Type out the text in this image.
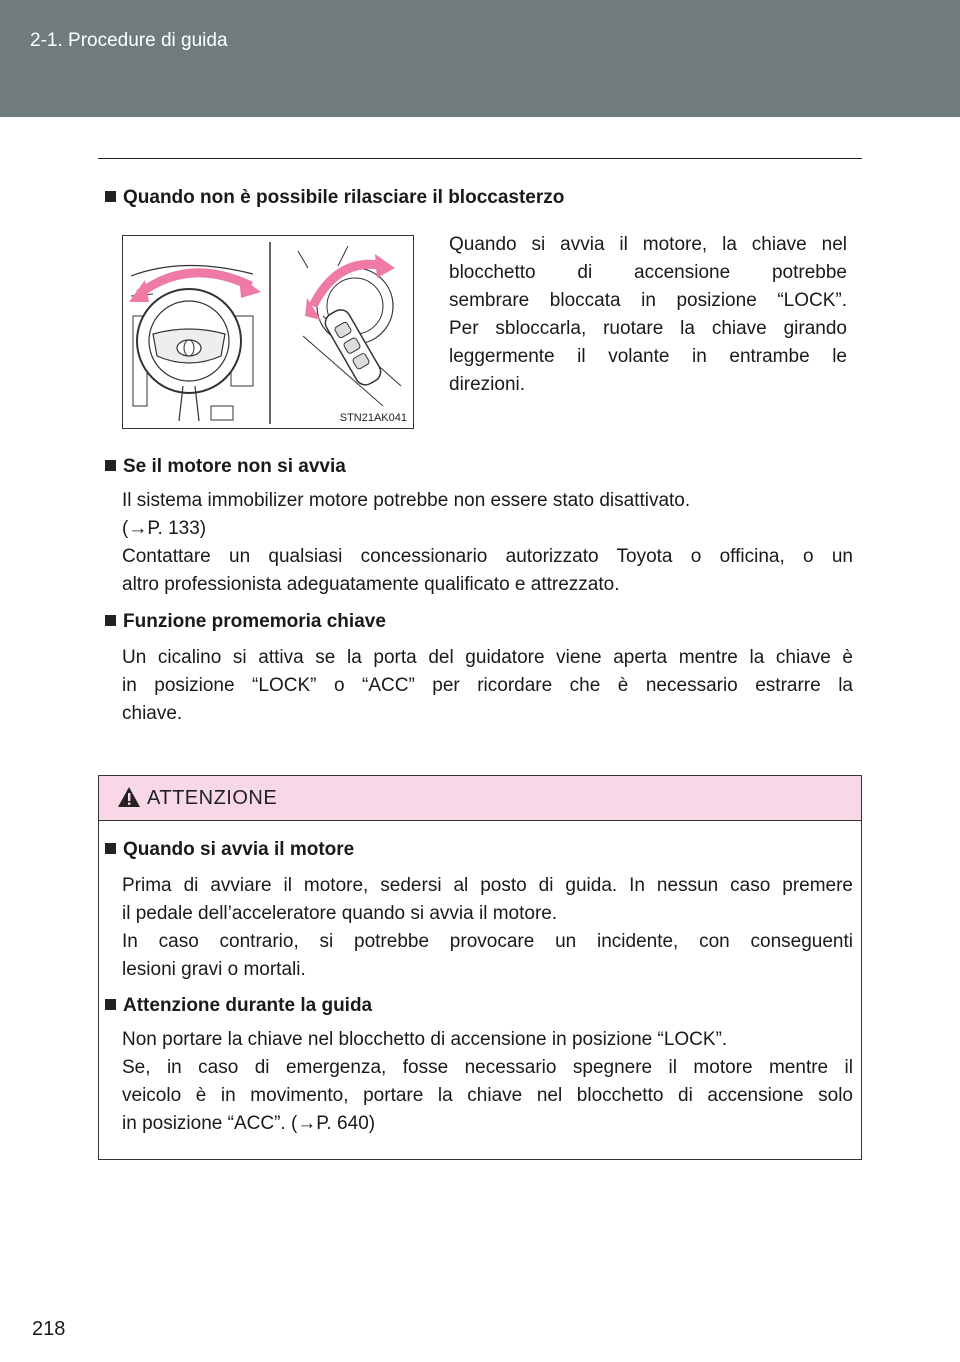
2-1. Procedure di guida
Quando non è possibile rilasciare il bloccasterzo
STN21AK041

Quando si avvia il motore, la chiave nel

blocchetto di accensione potrebbe

sembrare bloccata in posizione “LOCK”.

Per sbloccarla, ruotare la chiave girando

leggermente il volante in entrambe le

direzioni.

Se il motore non si avvia

Il sistema immobilizer motore potrebbe non essere stato disattivato.

(→P. 133)

Contattare un qualsiasi concessionario autorizzato Toyota o officina, o un

altro professionista adeguatamente qualificato e attrezzato.

Funzione promemoria chiave

Un cicalino si attiva se la porta del guidatore viene aperta mentre la chiave è

in posizione “LOCK” o “ACC” per ricordare che è necessario estrarre la

chiave.

ATTENZIONE
Quando si avvia il motore

Prima di avviare il motore, sedersi al posto di guida. In nessun caso premere

il pedale dell’acceleratore quando si avvia il motore.

In caso contrario, si potrebbe provocare un incidente, con conseguenti

lesioni gravi o mortali.

Attenzione durante la guida

Non portare la chiave nel blocchetto di accensione in posizione “LOCK”.

Se, in caso di emergenza, fosse necessario spegnere il motore mentre il

veicolo è in movimento, portare la chiave nel blocchetto di accensione solo

in posizione “ACC”. (→P. 640)

218
